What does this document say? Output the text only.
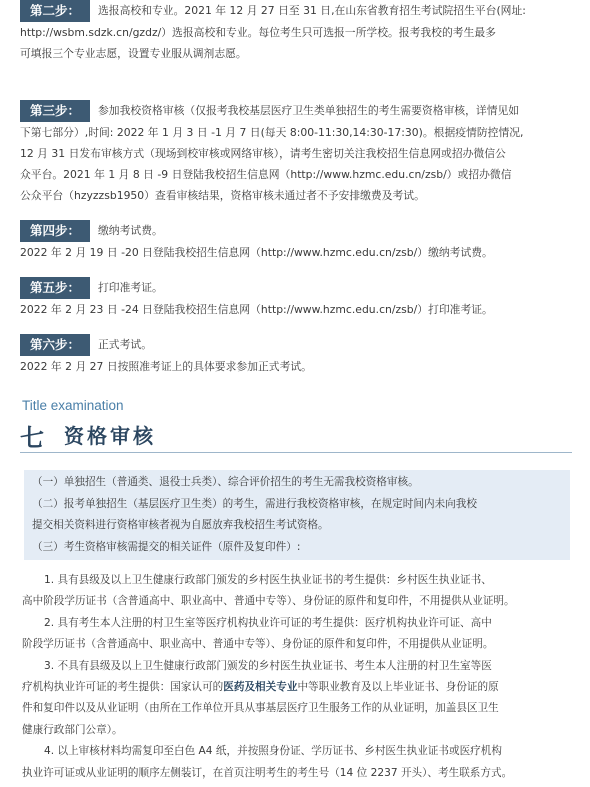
第二步： 选报高校和专业。2021 年 12 月 27 日至 31 日,在山东省教育招生考试院招生平台(网址:
http://wsbm.sdzk.cn/gzdz/）选报高校和专业。每位考生只可选报一所学校。报考我校的考生最多
可填报三个专业志愿，设置专业服从调剂志愿。
第三步： 参加我校资格审核（仅报考我校基层医疗卫生类单独招生的考生需要资格审核，详情见如
下第七部分）,时间: 2022 年 1 月 3 日 -1 月 7 日(每天 8:00-11:30,14:30-17:30)。根据疫情防控情况,
12 月 31 日发布审核方式（现场到校审核或网络审核），请考生密切关注我校招生信息网或招办微信公
众平台。2021 年 1 月 8 日 -9 日登陆我校招生信息网（http://www.hzmc.edu.cn/zsb/）或招办微信
公众平台（hzyzzsb1950）查看审核结果，资格审核未通过者不予安排缴费及考试。
第四步： 缴纳考试费。
2022 年 2 月 19 日 -20 日登陆我校招生信息网（http://www.hzmc.edu.cn/zsb/）缴纳考试费。
第五步： 打印准考证。
2022 年 2 月 23 日 -24 日登陆我校招生信息网（http://www.hzmc.edu.cn/zsb/）打印准考证。
第六步： 正式考试。
2022 年 2 月 27 日按照准考证上的具体要求参加正式考试。
Title examination
七 资格审核
（一）单独招生（普通类、退役士兵类）、综合评价招生的考生无需我校资格审核。
（二）报考单独招生（基层医疗卫生类）的考生，需进行我校资格审核，在规定时间内未向我校
提交相关资料进行资格审核者视为自愿放弃我校招生考试资格。
（三）考生资格审核需提交的相关证件（原件及复印件）:
1. 具有县级及以上卫生健康行政部门颁发的乡村医生执业证书的考生提供：乡村医生执业证书、
高中阶段学历证书（含普通高中、职业高中、普通中专等）、身份证的原件和复印件，不用提供从业证明。
2. 具有考生本人注册的村卫生室等医疗机构执业许可证的考生提供：医疗机构执业许可证、高中
阶段学历证书（含普通高中、职业高中、普通中专等）、身份证的原件和复印件，不用提供从业证明。
3. 不具有县级及以上卫生健康行政部门颁发的乡村医生执业证书、考生本人注册的村卫生室等医
疗机构执业许可证的考生提供：国家认可的医药及相关专业中等职业教育及以上毕业证书、身份证的原
件和复印件以及从业证明（由所在工作单位开具从事基层医疗卫生服务工作的从业证明，加盖县区卫生
健康行政部门公章）。
4. 以上审核材料均需复印至白色 A4 纸，并按照身份证、学历证书、乡村医生执业证书或医疗机构
执业许可证或从业证明的顺序左侧装订，在首页注明考生的考生号（14 位 2237 开头）、考生联系方式。
